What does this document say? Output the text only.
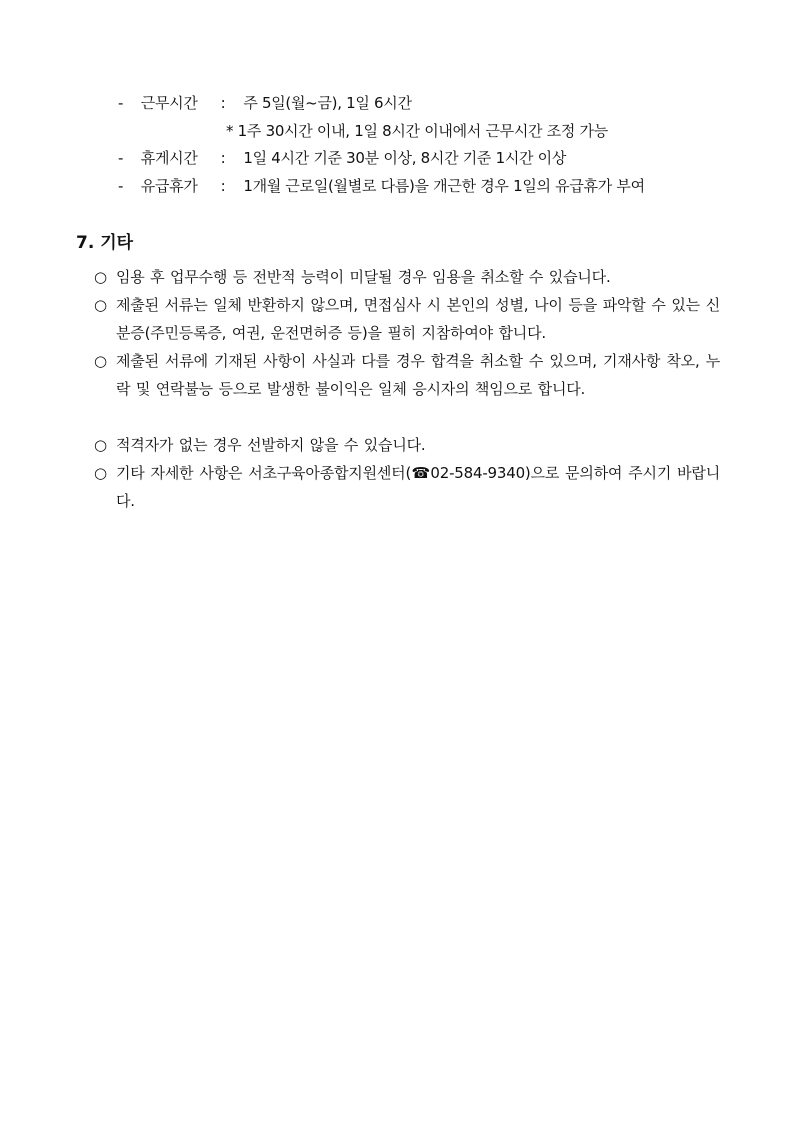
- 근무시간 : 주 5일(월~금), 1일 6시간
* 1주 30시간 이내, 1일 8시간 이내에서 근무시간 조정 가능
- 휴게시간 : 1일 4시간 기준 30분 이상, 8시간 기준 1시간 이상
- 유급휴가 : 1개월 근로일(월별로 다름)을 개근한 경우 1일의 유급휴가 부여
7. 기타
○ 임용 후 업무수행 등 전반적 능력이 미달될 경우 임용을 취소할 수 있습니다.
○ 제출된 서류는 일체 반환하지 않으며, 면접심사 시 본인의 성별, 나이 등을 파악할 수 있는 신분증(주민등록증, 여권, 운전면허증 등)을 필히 지참하여야 합니다.
○ 제출된 서류에 기재된 사항이 사실과 다를 경우 합격을 취소할 수 있으며, 기재사항 착오, 누락 및 연락불능 등으로 발생한 불이익은 일체 응시자의 책임으로 합니다.
○ 적격자가 없는 경우 선발하지 않을 수 있습니다.
○ 기타 자세한 사항은 서초구육아종합지원센터(☎02-584-9340)으로 문의하여 주시기 바랍니다.
